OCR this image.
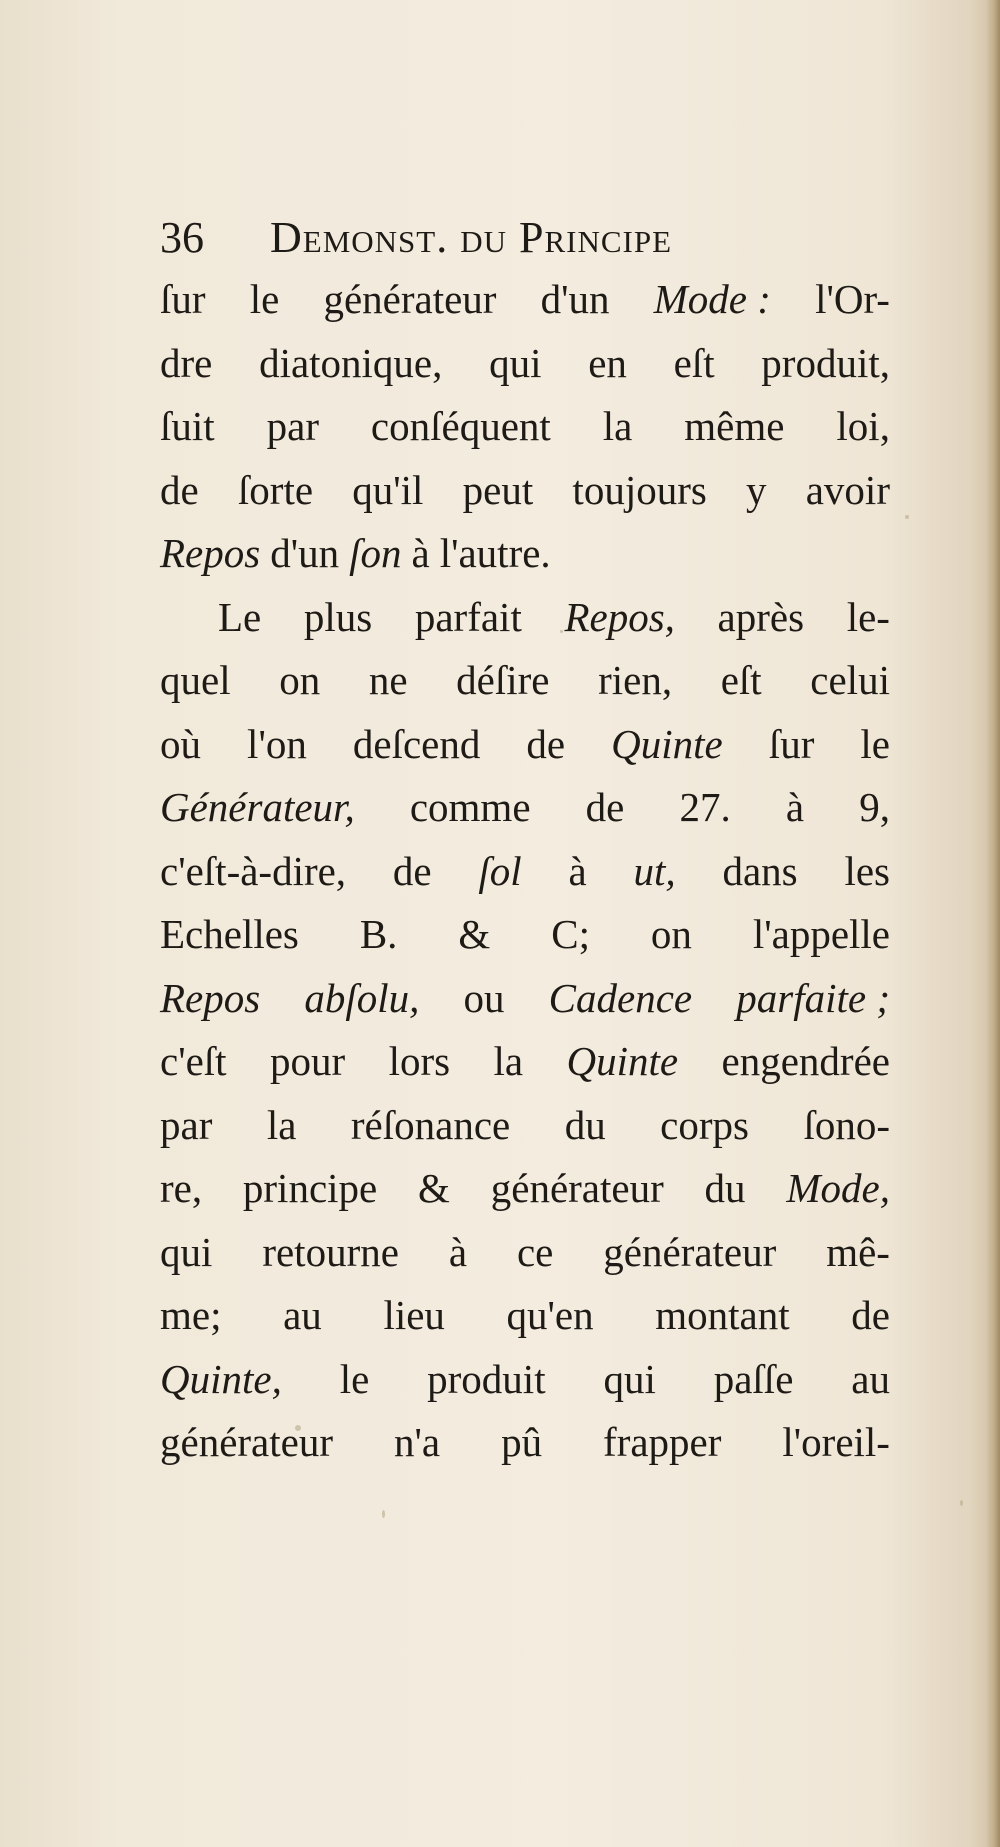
36 Demonst. du Principe
ſur le générateur d'un Mode : l'Or-
dre diatonique, qui en eſt produit,
ſuit par conſéquent la même loi,
de ſorte qu'il peut toujours y avoir
Repos d'un ſon à l'autre.
Le plus parfait Repos, après le-
quel on ne déſire rien, eſt celui
où l'on deſcend de Quinte ſur le
Générateur, comme de 27. à 9,
c'eſt-à-dire, de ſol à ut, dans les
Echelles B. & C; on l'appelle
Repos abſolu, ou Cadence parfaite ;
c'eſt pour lors la Quinte engendrée
par la réſonance du corps ſono-
re, principe & générateur du Mode,
qui retourne à ce générateur mê-
me; au lieu qu'en montant de
Quinte, le produit qui paſſe au
générateur n'a pû frapper l'oreil-
